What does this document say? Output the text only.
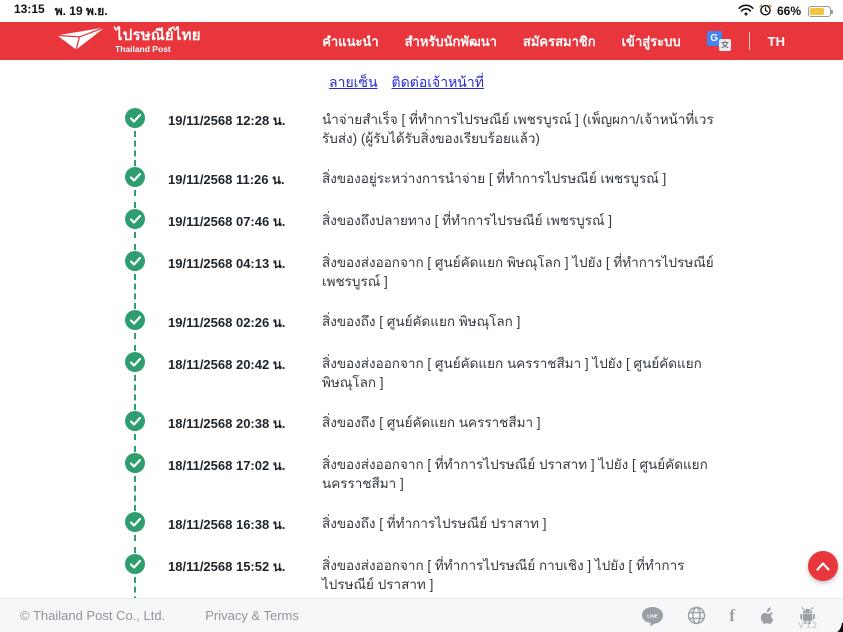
13:15 พ. 19 พ.ย.	66%
ไปรษณีย์ไทย
Thailand Post
คำแนะนำ สำหรับนักพัฒนา สมัครสมาชิก เข้าสู่ระบบ	G	TH
ลายเซ็น ติดต่อเจ้าหน้าที่
19/11/2568 12:28 น.	นำจ่ายสำเร็จ [ ที่ทำการไปรษณีย์ เพชรบูรณ์ ] (เพ็ญผกา/เจ้าหน้าที่เวรรับส่ง) (ผู้รับได้รับสิ่งของเรียบร้อยแล้ว)
19/11/2568 11:26 น.	สิ่งของอยู่ระหว่างการนำจ่าย [ ที่ทำการไปรษณีย์ เพชรบูรณ์ ]
19/11/2568 07:46 น.	สิ่งของถึงปลายทาง [ ที่ทำการไปรษณีย์ เพชรบูรณ์ ]
19/11/2568 04:13 น.	สิ่งของส่งออกจาก [ ศูนย์คัดแยก พิษณุโลก ] ไปยัง [ ที่ทำการไปรษณีย์ เพชรบูรณ์ ]
19/11/2568 02:26 น.	สิ่งของถึง [ ศูนย์คัดแยก พิษณุโลก ]
18/11/2568 20:42 น.	สิ่งของส่งออกจาก [ ศูนย์คัดแยก นครราชสีมา ] ไปยัง [ ศูนย์คัดแยก พิษณุโลก ]
18/11/2568 20:38 น.	สิ่งของถึง [ ศูนย์คัดแยก นครราชสีมา ]
18/11/2568 17:02 น.	สิ่งของส่งออกจาก [ ที่ทำการไปรษณีย์ ปราสาท ] ไปยัง [ ศูนย์คัดแยก นครราชสีมา ]
18/11/2568 16:38 น.	สิ่งของถึง [ ที่ทำการไปรษณีย์ ปราสาท ]
18/11/2568 15:52 น.	สิ่งของส่งออกจาก [ ที่ทำการไปรษณีย์ กาบเชิง ] ไปยัง [ ที่ทำการไปรษณีย์ ปราสาท ]
© Thailand Post Co., Ltd.	Privacy & Terms	LINE	f
V 1.2
